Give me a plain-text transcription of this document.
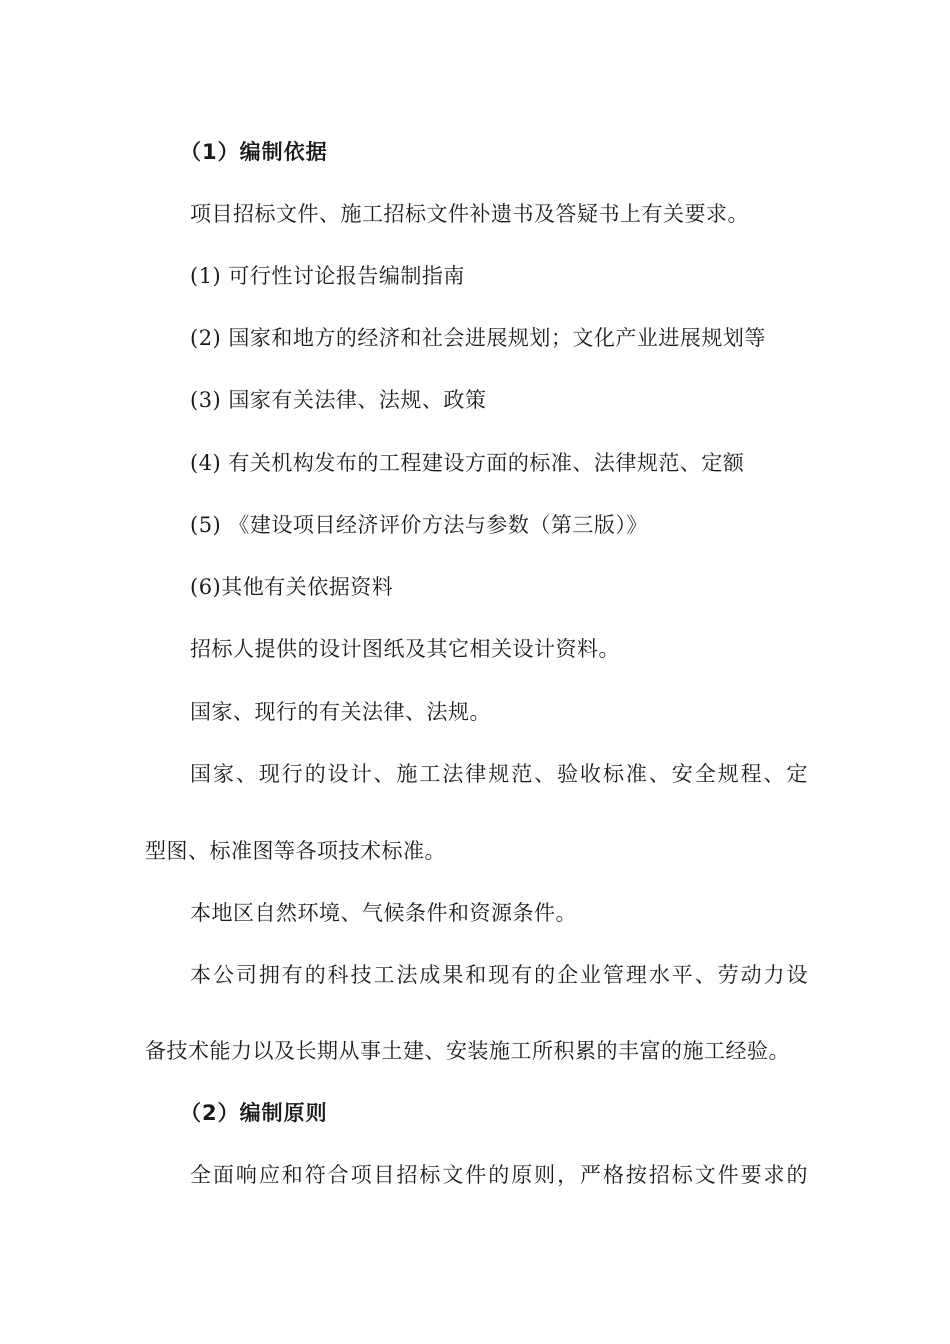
（1）编制依据
项目招标文件、施工招标文件补遗书及答疑书上有关要求。
(1) 可行性讨论报告编制指南
(2) 国家和地方的经济和社会进展规划；文化产业进展规划等
(3) 国家有关法律、法规、政策
(4) 有关机构发布的工程建设方面的标准、法律规范、定额
(5) 《建设项目经济评价方法与参数（第三版）》
(6)其他有关依据资料
招标人提供的设计图纸及其它相关设计资料。
国家、现行的有关法律、法规。
国家、现行的设计、施工法律规范、验收标准、安全规程、定
型图、标准图等各项技术标准。
本地区自然环境、气候条件和资源条件。
本公司拥有的科技工法成果和现有的企业管理水平、劳动力设
备技术能力以及长期从事土建、安装施工所积累的丰富的施工经验。
（2）编制原则
全面响应和符合项目招标文件的原则，严格按招标文件要求的
